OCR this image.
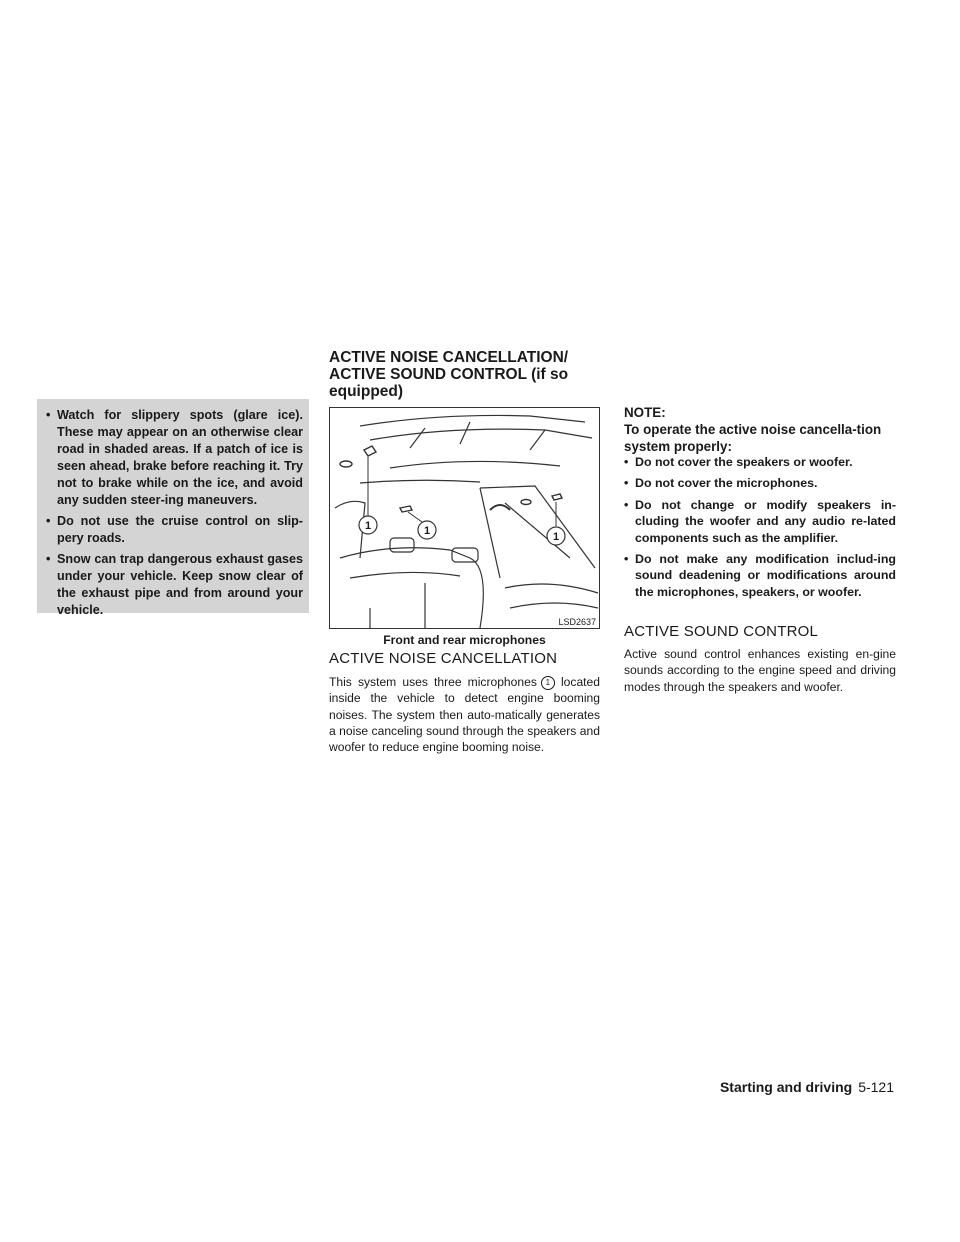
• Watch for slippery spots (glare ice). These may appear on an otherwise clear road in shaded areas. If a patch of ice is seen ahead, brake before reaching it. Try not to brake while on the ice, and avoid any sudden steer-ing maneuvers.
• Do not use the cruise control on slip-pery roads.
• Snow can trap dangerous exhaust gases under your vehicle. Keep snow clear of the exhaust pipe and from around your vehicle.
ACTIVE NOISE CANCELLATION/ ACTIVE SOUND CONTROL (if so equipped)
1	1	1
LSD2637
Front and rear microphones
ACTIVE NOISE CANCELLATION
This system uses three microphones 1 located inside the vehicle to detect engine booming noises. The system then auto-matically generates a noise canceling sound through the speakers and woofer to reduce engine booming noise.
NOTE:
To operate the active noise cancella-tion system properly:
• Do not cover the speakers or woofer.
• Do not cover the microphones.
• Do not change or modify speakers in-cluding the woofer and any audio re-lated components such as the amplifier.
• Do not make any modification includ-ing sound deadening or modifications around the microphones, speakers, or woofer.
ACTIVE SOUND CONTROL
Active sound control enhances existing en-gine sounds according to the engine speed and driving modes through the speakers and woofer.
Starting and driving 5-121
